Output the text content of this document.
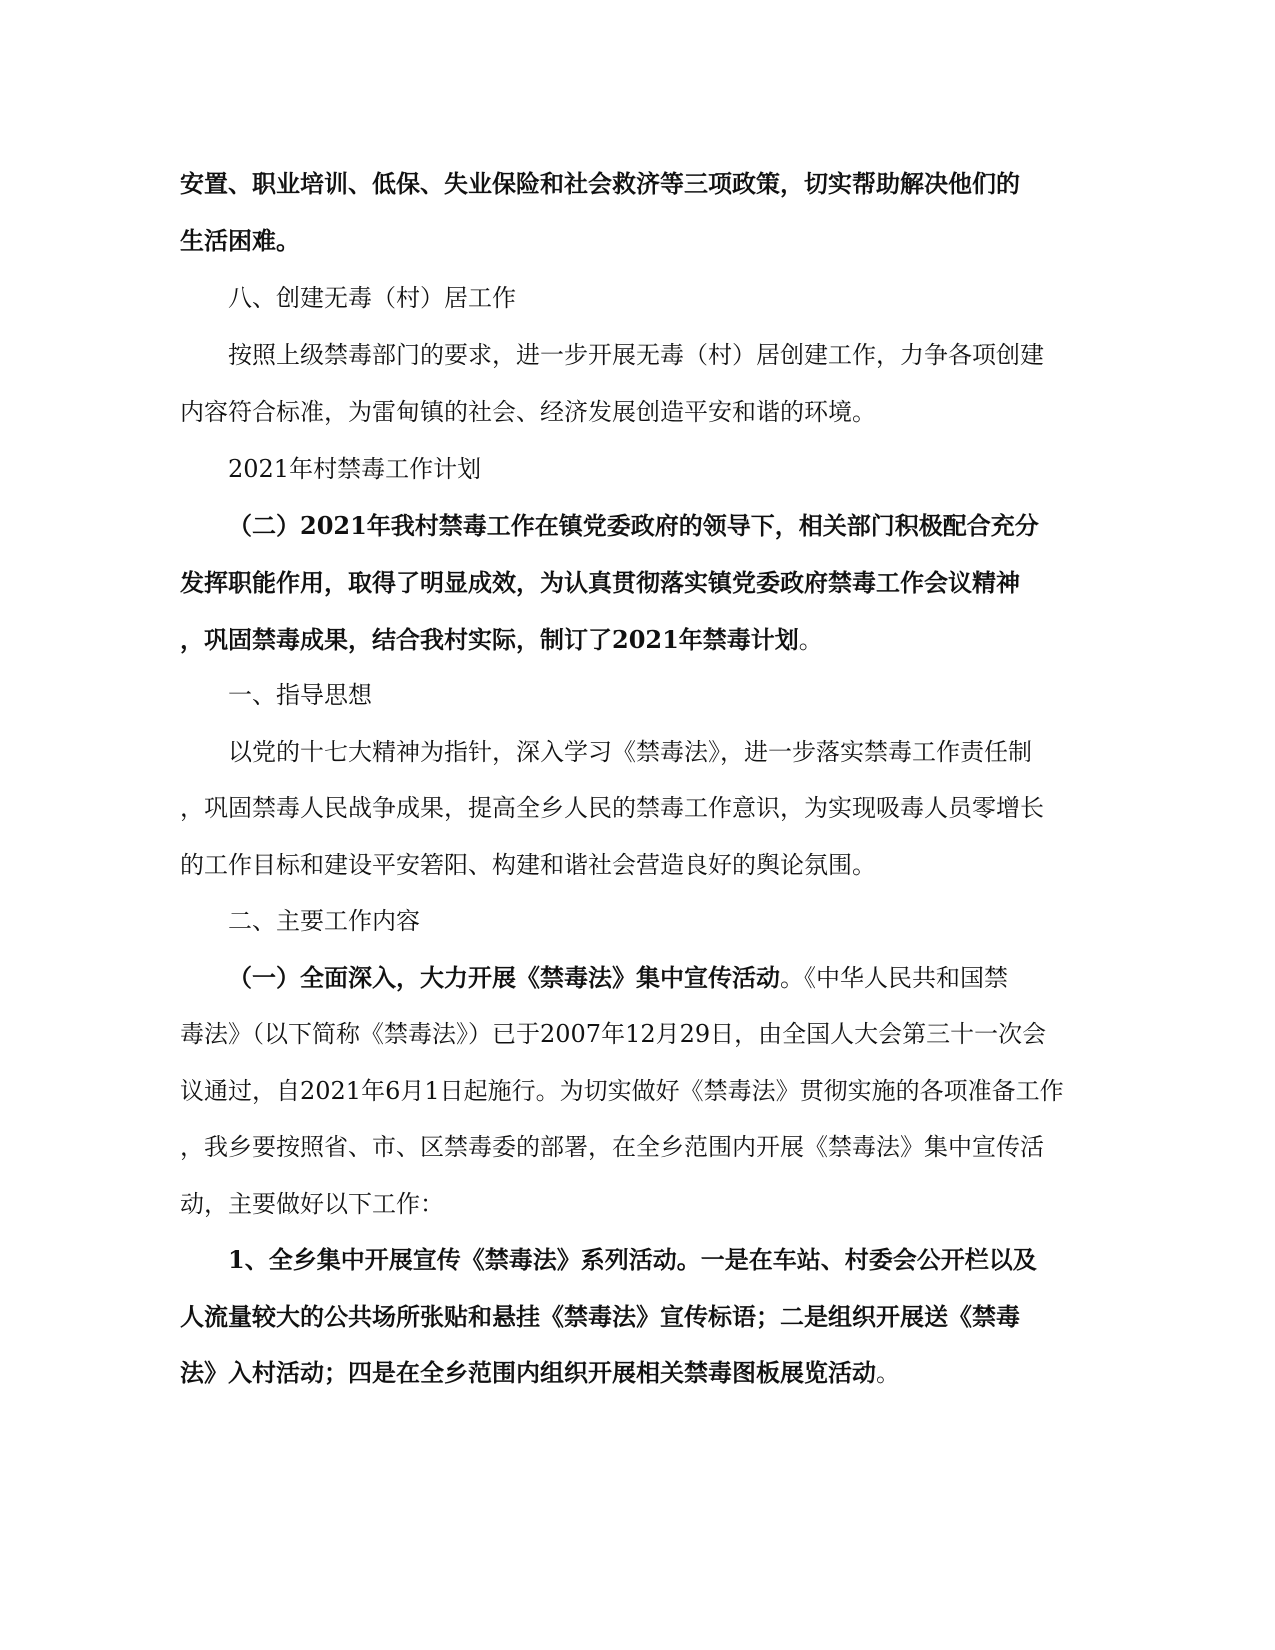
安置、职业培训、低保、失业保险和社会救济等三项政策，切实帮助解决他们的

生活困难。

八、创建无毒（村）居工作

按照上级禁毒部门的要求，进一步开展无毒（村）居创建工作，力争各项创建

内容符合标准，为雷甸镇的社会、经济发展创造平安和谐的环境。

2021年村禁毒工作计划

（二）2021年我村禁毒工作在镇党委政府的领导下，相关部门积极配合充分

发挥职能作用，取得了明显成效，为认真贯彻落实镇党委政府禁毒工作会议精神

，巩固禁毒成果，结合我村实际，制订了2021年禁毒计划。

一、指导思想

以党的十七大精神为指针，深入学习《禁毒法》，进一步落实禁毒工作责任制

，巩固禁毒人民战争成果，提高全乡人民的禁毒工作意识，为实现吸毒人员零增长

的工作目标和建设平安箬阳、构建和谐社会营造良好的舆论氛围。

二、主要工作内容

（一）全面深入，大力开展《禁毒法》集中宣传活动。《中华人民共和国禁

毒法》（以下简称《禁毒法》）已于2007年12月29日，由全国人大会第三十一次会

议通过，自2021年6月1日起施行。为切实做好《禁毒法》贯彻实施的各项准备工作

，我乡要按照省、市、区禁毒委的部署，在全乡范围内开展《禁毒法》集中宣传活

动，主要做好以下工作：

1、全乡集中开展宣传《禁毒法》系列活动。一是在车站、村委会公开栏以及

人流量较大的公共场所张贴和悬挂《禁毒法》宣传标语；二是组织开展送《禁毒

法》入村活动；四是在全乡范围内组织开展相关禁毒图板展览活动。
